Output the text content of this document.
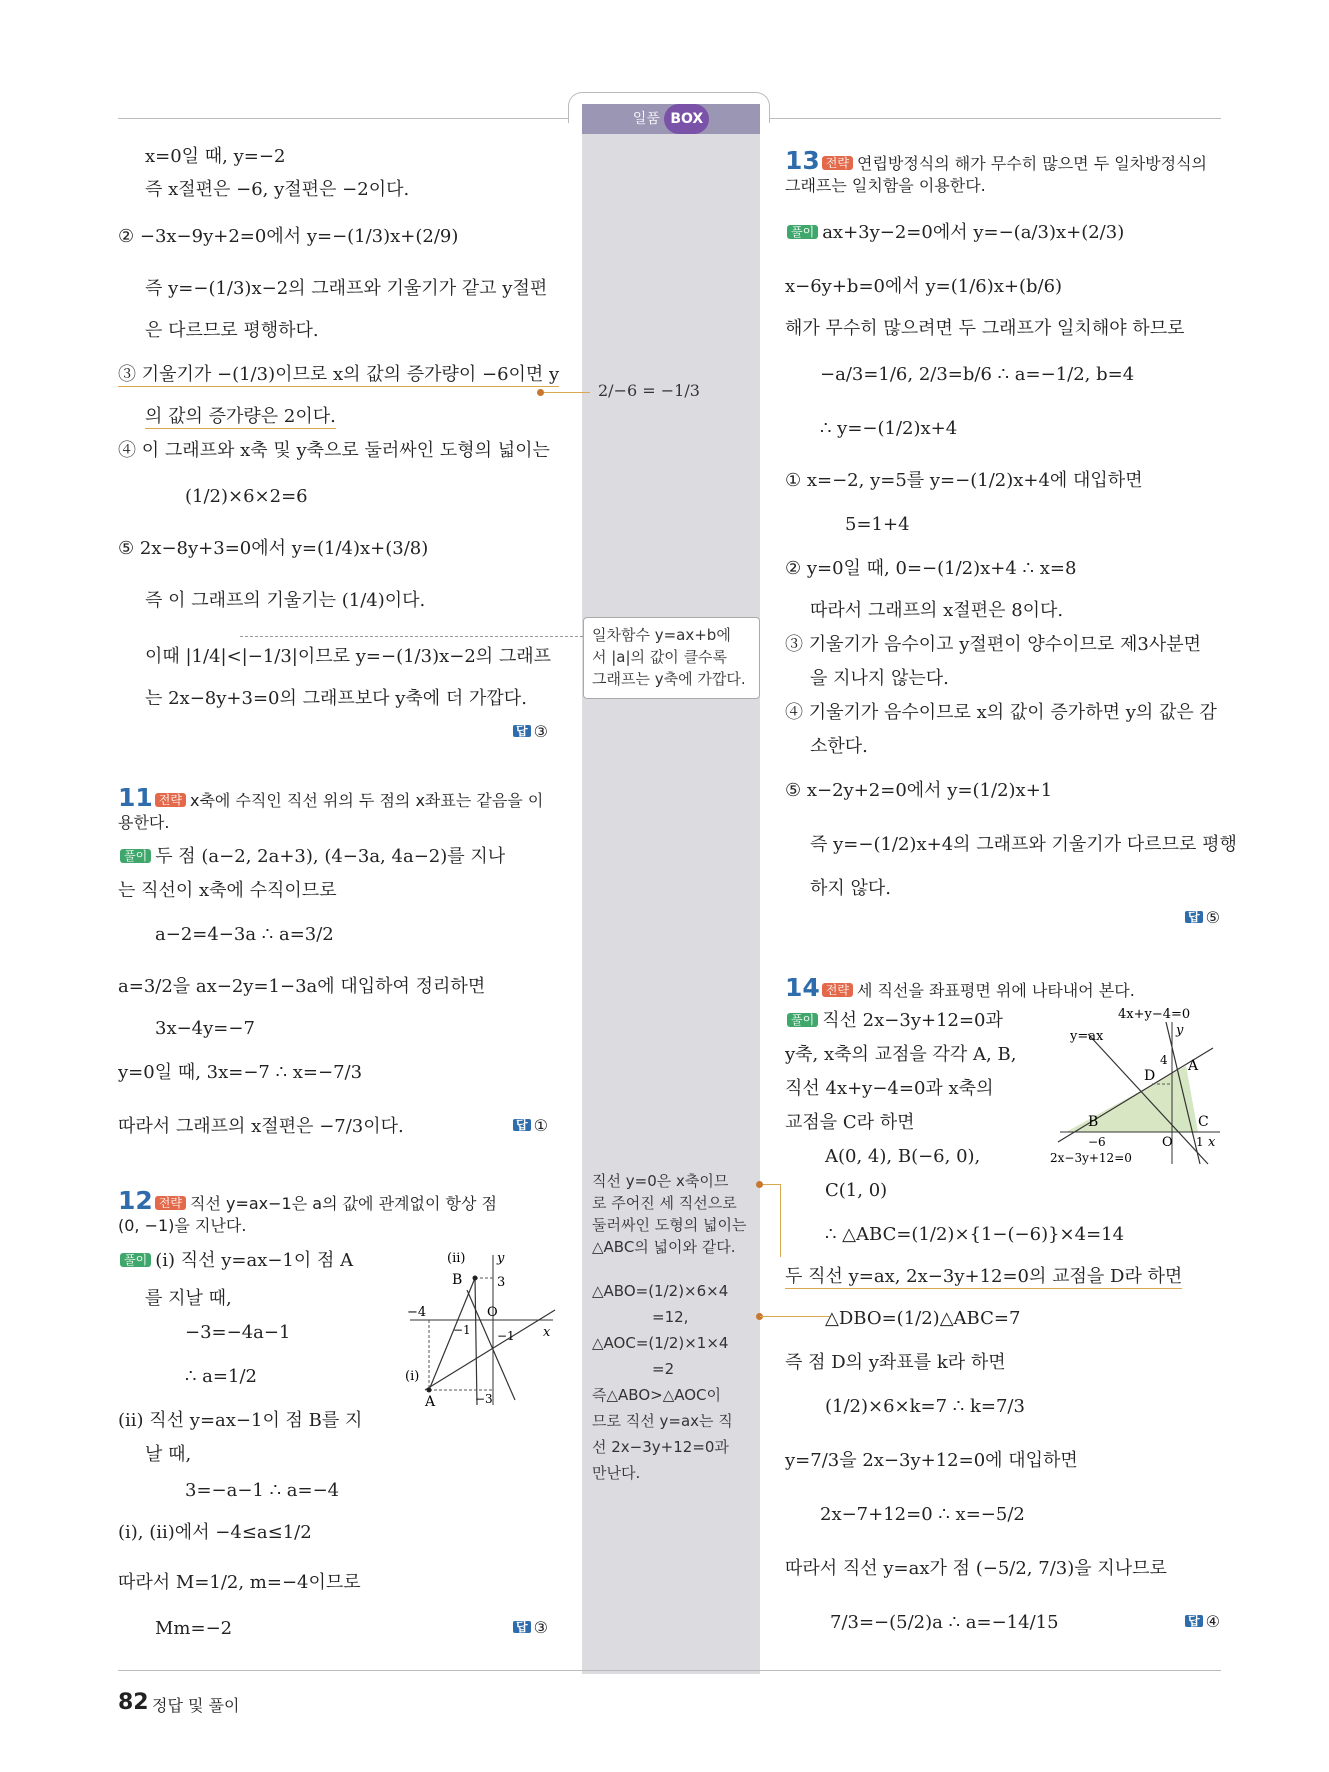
일품 BOX
x=0일 때, y=−2
즉 x절편은 −6, y절편은 −2이다.
② −3x−9y+2=0에서 y=−(1/3)x+(2/9)
즉 y=−(1/3)x−2의 그래프와 기울기가 같고 y절편
은 다르므로 평행하다.
③ 기울기가 −(1/3)이므로 x의 값의 증가량이 −6이면 y
의 값의 증가량은 2이다.
④ 이 그래프와 x축 및 y축으로 둘러싸인 도형의 넓이는
(1/2)×6×2=6
⑤ 2x−8y+3=0에서 y=(1/4)x+(3/8)
즉 이 그래프의 기울기는 (1/4)이다.
이때 |1/4|<|−1/3|이므로 y=−(1/3)x−2의 그래프
는 2x−8y+3=0의 그래프보다 y축에 더 가깝다.
답 ③
11 전략 x축에 수직인 직선 위의 두 점의 x좌표는 같음을 이
용한다.
풀이 두 점 (a−2, 2a+3), (4−3a, 4a−2)를 지나
는 직선이 x축에 수직이므로
a−2=4−3a ∴ a=3/2
a=3/2을 ax−2y=1−3a에 대입하여 정리하면
3x−4y=−7
y=0일 때, 3x=−7 ∴ x=−7/3
따라서 그래프의 x절편은 −7/3이다.	답 ①
12 전략 직선 y=ax−1은 a의 값에 관계없이 항상 점
(0, −1)을 지난다.
풀이 (i) 직선 y=ax−1이 점 A
를 지날 때,
−3=−4a−1
∴ a=1/2
(ii) 직선 y=ax−1이 점 B를 지
날 때,
3=−a−1 ∴ a=−4
(i), (ii)에서 −4≤a≤1/2
따라서 M=1/2, m=−4이므로
Mm=−2	답 ③
(ii) y
B	3
−4	O
−1 −1 x
(i)
A	−3
2/−6 = −1/3
일차함수 y=ax+b에
서 |a|의 값이 클수록
그래프는 y축에 가깝다.
직선 y=0은 x축이므
로 주어진 세 직선으로
둘러싸인 도형의 넓이는
△ABC의 넓이와 같다.
△ABO=(1/2)×6×4
=12,
△AOC=(1/2)×1×4
=2
즉△ABO>△AOC이
므로 직선 y=ax는 직
선 2x−3y+12=0과
만난다.
13 전략 연립방정식의 해가 무수히 많으면 두 일차방정식의
그래프는 일치함을 이용한다.
풀이 ax+3y−2=0에서 y=−(a/3)x+(2/3)
x−6y+b=0에서 y=(1/6)x+(b/6)
해가 무수히 많으려면 두 그래프가 일치해야 하므로
−a/3=1/6, 2/3=b/6 ∴ a=−1/2, b=4
∴ y=−(1/2)x+4
① x=−2, y=5를 y=−(1/2)x+4에 대입하면
5=1+4
② y=0일 때, 0=−(1/2)x+4 ∴ x=8
따라서 그래프의 x절편은 8이다.
③ 기울기가 음수이고 y절편이 양수이므로 제3사분면
을 지나지 않는다.
④ 기울기가 음수이므로 x의 값이 증가하면 y의 값은 감
소한다.
⑤ x−2y+2=0에서 y=(1/2)x+1
즉 y=−(1/2)x+4의 그래프와 기울기가 다르므로 평행
하지 않다.
답 ⑤
14 전략 세 직선을 좌표평면 위에 나타내어 본다.
풀이 직선 2x−3y+12=0과
y축, x축의 교점을 각각 A, B,
직선 4x+y−4=0과 x축의
교점을 C라 하면
A(0, 4), B(−6, 0),
C(1, 0)
∴ △ABC=(1/2)×{1−(−6)}×4=14
두 직선 y=ax, 2x−3y+12=0의 교점을 D라 하면
△DBO=(1/2)△ABC=7
즉 점 D의 y좌표를 k라 하면
(1/2)×6×k=7 ∴ k=7/3
y=7/3을 2x−3y+12=0에 대입하면
2x−7+12=0 ∴ x=−5/2
따라서 직선 y=ax가 점 (−5/2, 7/3)을 지나므로
7/3=−(5/2)a ∴ a=−14/15	답 ④
4x+y−4=0
y
y=ax
4 A
D
B	C
−6	O 1 x
2x−3y+12=0
82 정답 및 풀이
